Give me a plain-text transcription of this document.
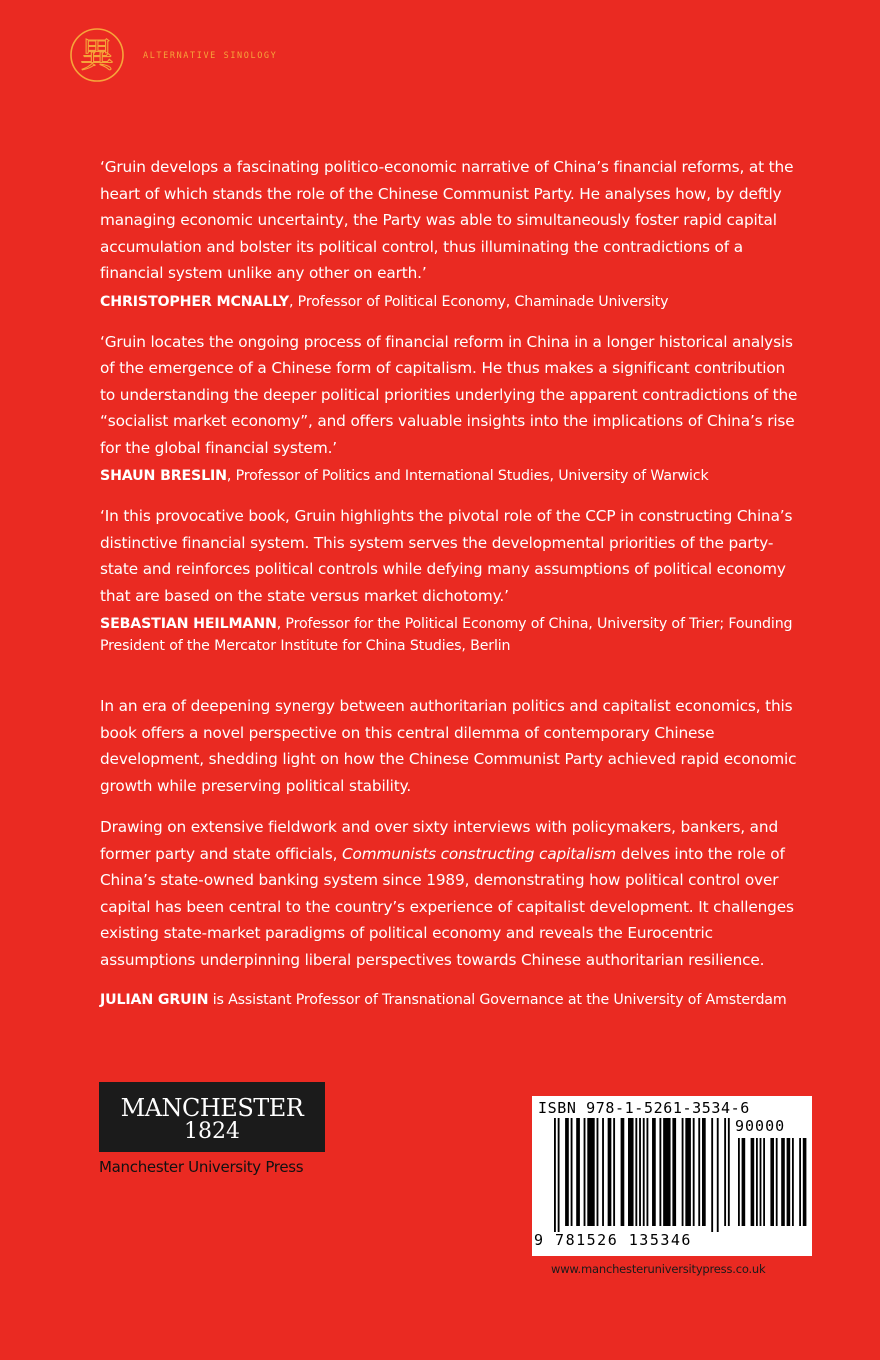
異	ALTERNATIVE SINOLOGY

‘Gruin develops a fascinating politico-economic narrative of China’s financial reforms, at the heart of which stands the role of the Chinese Communist Party. He analyses how, by deftly managing economic uncertainty, the Party was able to simultaneously foster rapid capital accumulation and bolster its political control, thus illuminating the contradictions of a financial system unlike any other on earth.’

CHRISTOPHER MCNALLY, Professor of Political Economy, Chaminade University

‘Gruin locates the ongoing process of financial reform in China in a longer historical analysis of the emergence of a Chinese form of capitalism. He thus makes a significant contribution to understanding the deeper political priorities underlying the apparent contradictions of the “socialist market economy”, and offers valuable insights into the implications of China’s rise for the global financial system.’

SHAUN BRESLIN, Professor of Politics and International Studies, University of Warwick

‘In this provocative book, Gruin highlights the pivotal role of the CCP in constructing China’s distinctive financial system. This system serves the developmental priorities of the party-state and reinforces political controls while defying many assumptions of political economy that are based on the state versus market dichotomy.’

SEBASTIAN HEILMANN, Professor for the Political Economy of China, University of Trier; Founding President of the Mercator Institute for China Studies, Berlin

In an era of deepening synergy between authoritarian politics and capitalist economics, this book offers a novel perspective on this central dilemma of contemporary Chinese development, shedding light on how the Chinese Communist Party achieved rapid economic growth while preserving political stability.

Drawing on extensive fieldwork and over sixty interviews with policymakers, bankers, and former party and state officials, Communists constructing capitalism delves into the role of China’s state-owned banking system since 1989, demonstrating how political control over capital has been central to the country’s experience of capitalist development. It challenges existing state-market paradigms of political economy and reveals the Eurocentric assumptions underpinning liberal perspectives towards Chinese authoritarian resilience.

JULIAN GRUIN is Assistant Professor of Transnational Governance at the University of Amsterdam
MANCHESTER
1824
Manchester University Press
ISBN 978-1-5261-3534-6
90000
9 781526 135346
www.manchesteruniversitypress.co.uk
